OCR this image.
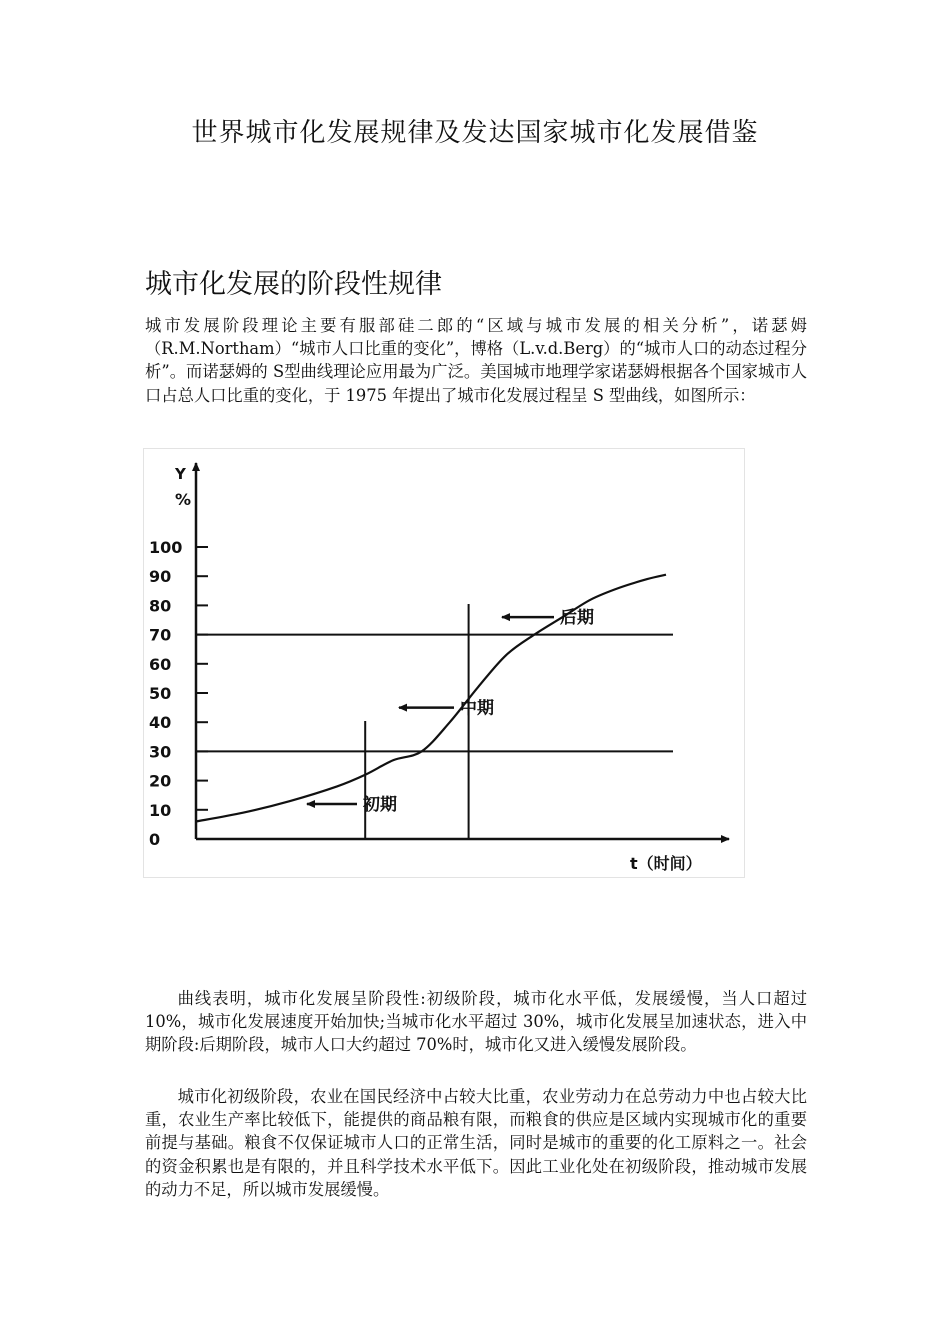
世界城市化发展规律及发达国家城市化发展借鉴
城市化发展的阶段性规律

城市发展阶段理论主要有服部硅二郎的“区域与城市发展的相关分析”，诺瑟姆（R.M.Northam）“城市人口比重的变化”，博格（L.v.d.Berg）的“城市人口的动态过程分析”。而诺瑟姆的 S型曲线理论应用最为广泛。美国城市地理学家诺瑟姆根据各个国家城市人口占总人口比重的变化，于 1975 年提出了城市化发展过程呈 S 型曲线，如图所示：

0
10
20
30
40
50
60
70
80
90
100
后期
中期
初期
Y
%
t（时间）

曲线表明，城市化发展呈阶段性:初级阶段，城市化水平低，发展缓慢，当人口超过 10%，城市化发展速度开始加快;当城市化水平超过 30%，城市化发展呈加速状态，进入中期阶段:后期阶段，城市人口大约超过 70%时，城市化又进入缓慢发展阶段。

城市化初级阶段，农业在国民经济中占较大比重，农业劳动力在总劳动力中也占较大比重，农业生产率比较低下，能提供的商品粮有限，而粮食的供应是区域内实现城市化的重要前提与基础。粮食不仅保证城市人口的正常生活，同时是城市的重要的化工原料之一。社会的资金积累也是有限的，并且科学技术水平低下。因此工业化处在初级阶段，推动城市发展的动力不足，所以城市发展缓慢。
